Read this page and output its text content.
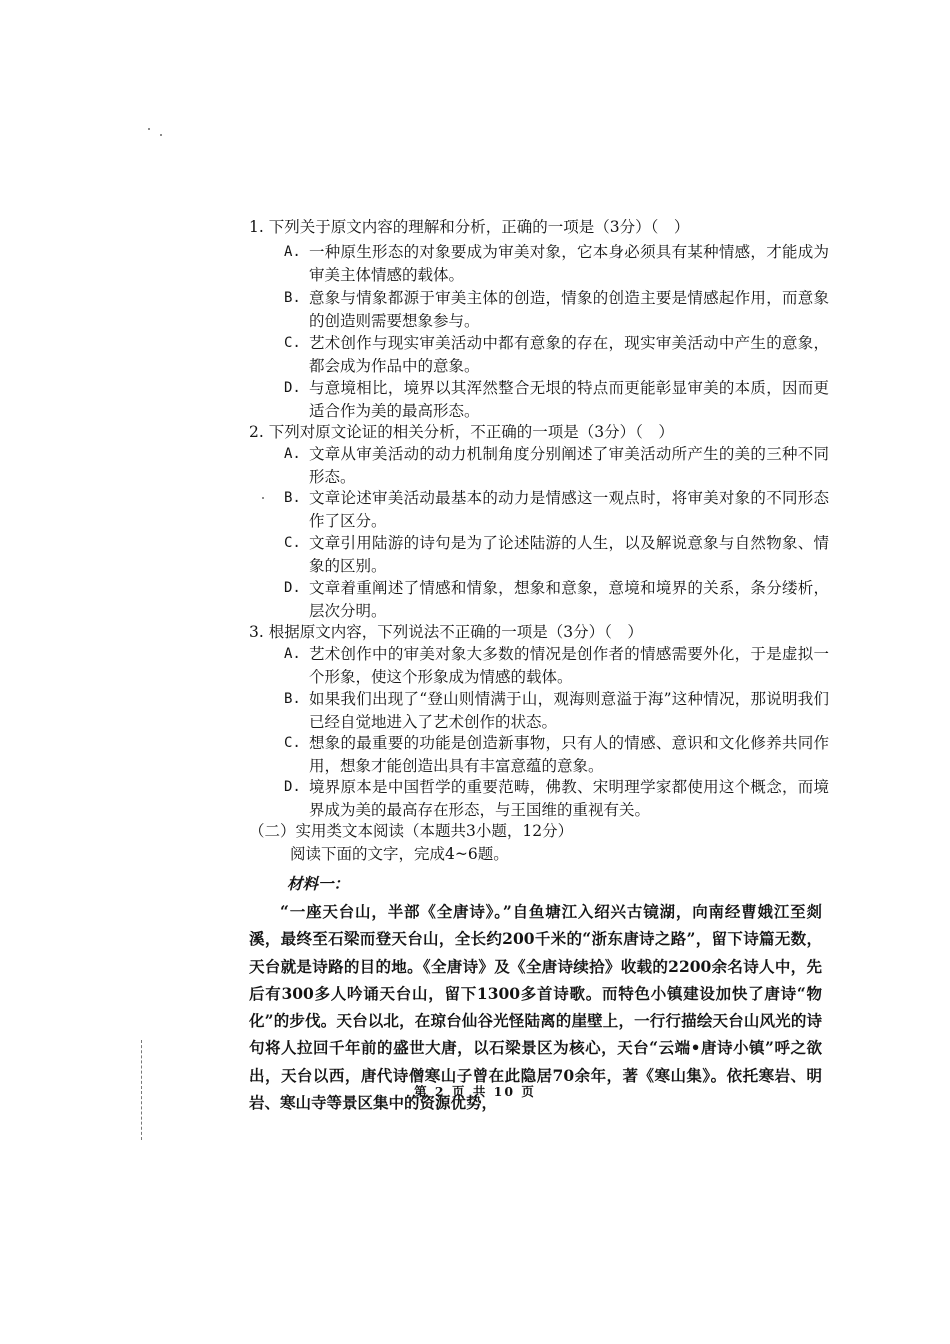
1. 下列关于原文内容的理解和分析，正确的一项是（3分）（　）
A. 一种原生形态的对象要成为审美对象，它本身必须具有某种情感，才能成为审美主体情感的载体。
B. 意象与情象都源于审美主体的创造，情象的创造主要是情感起作用，而意象的创造则需要想象参与。
C. 艺术创作与现实审美活动中都有意象的存在，现实审美活动中产生的意象，都会成为作品中的意象。
D. 与意境相比，境界以其浑然整合无垠的特点而更能彰显审美的本质，因而更适合作为美的最高形态。
2. 下列对原文论证的相关分析，不正确的一项是（3分）（　）
A. 文章从审美活动的动力机制角度分别阐述了审美活动所产生的美的三种不同形态。
B. 文章论述审美活动最基本的动力是情感这一观点时，将审美对象的不同形态作了区分。
C. 文章引用陆游的诗句是为了论述陆游的人生，以及解说意象与自然物象、情象的区别。
D. 文章着重阐述了情感和情象，想象和意象，意境和境界的关系，条分缕析，层次分明。
3. 根据原文内容，下列说法不正确的一项是（3分）（　）
A. 艺术创作中的审美对象大多数的情况是创作者的情感需要外化，于是虚拟一个形象，使这个形象成为情感的载体。
B. 如果我们出现了“登山则情满于山，观海则意溢于海”这种情况，那说明我们已经自觉地进入了艺术创作的状态。
C. 想象的最重要的功能是创造新事物，只有人的情感、意识和文化修养共同作用，想象才能创造出具有丰富意蕴的意象。
D. 境界原本是中国哲学的重要范畴，佛教、宋明理学家都使用这个概念，而境界成为美的最高存在形态，与王国维的重视有关。
（二）实用类文本阅读（本题共3小题，12分）
阅读下面的文字，完成4~6题。
材料一：
“一座天台山，半部《全唐诗》。”自鱼塘江入绍兴古镜湖，向南经曹娥江至剡溪，最终至石梁而登天台山，全长约200千米的“浙东唐诗之路”，留下诗篇无数，天台就是诗路的目的地。《全唐诗》及《全唐诗续拾》收载的2200余名诗人中，先后有300多人吟诵天台山，留下1300多首诗歌。而特色小镇建设加快了唐诗“物化”的步伐。天台以北，在琼台仙谷光怪陆离的崖壁上，一行行描绘天台山风光的诗句将人拉回千年前的盛世大唐，以石梁景区为核心，天台“云端•唐诗小镇”呼之欲出，天台以西，唐代诗僧寒山子曾在此隐居70余年，著《寒山集》。依托寒岩、明岩、寒山寺等景区集中的资源优势，
第 2 页 共 10 页
